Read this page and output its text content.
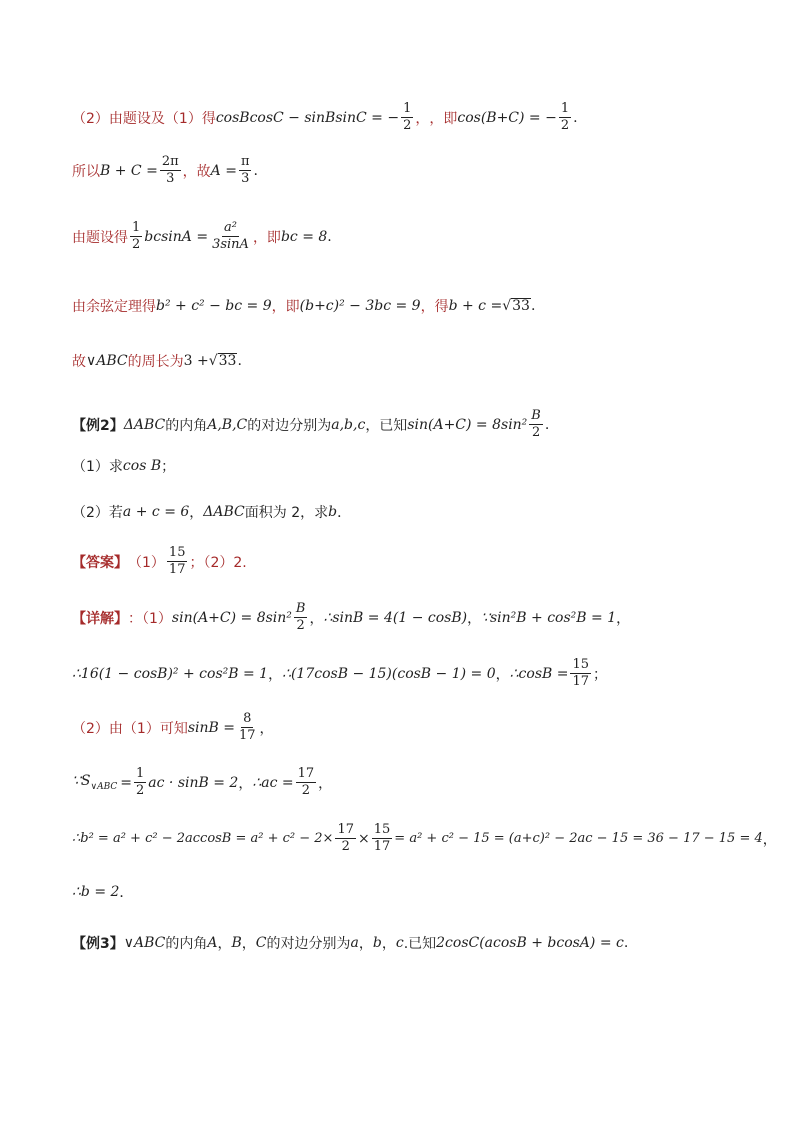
（2）由题设及（1）得 cosBcosC − sinBsinC = − $\frac{1}{2}$ ， ，即 cos(B+C) = − $\frac{1}{2}$ .
所以 $B + C = \frac{2\pi}{3}$ ，故 $A = \frac{\pi}{3}$ .
由题设得 $\frac{1}{2}$ $bcsinA = \frac{\text{a²}}{3\sin A}$ ，即 bc = 8 .
由余弦定理得 b² + c² − bc = 9 ，即 (b+c)² − 3bc = 9 ，得 b + c = √ 33 .
故 ∨ABC 的周长为 3 + √ 33 .
【例2】 ΔABC 的内角 A,B,C 的对边分别为 a,b,c ，已知 $\sin(A+C) = 8\sin^2 \frac{B}{2}$ .
（1）求 cos B ；
（2）若 a + c = 6 ， ΔABC 面积为 2，求 b ．
【答案】 $(1) \frac{15}{17}$ ；（2）2.
【详解】 ：（1） $\sin(A+C) = 8\sin^2 \frac{B}{2}$ ， ∴sinB = 4(1 − cosB) ， ∵sin²B + cos²B = 1 ，
∴16(1 − cosB)² + cos²B = 1 ， ∴(17cosB − 15)(cosB − 1) = 0 ， ∴cosB = $\frac{15}{17}$ ；
（2）由（1）可知 $\sin B = \frac{8}{17}$ ，
$\because S_{\vee ABC} = \frac{1}{2}$ ac · sinB = 2 ， ∴ac = $\frac{17}{2}$ ，
∴b² = $a^2 + c^2 - 2accosB = a^2 + c^2 - 2\times \frac{17}{2} \times \frac{15}{17} = a^2 + c^2 - 15 = (a+c)^2 - 2ac - 15 = 36 - 17 - 15 = 4$ ，
∴b = 2 ．
【例3】 ∨ABC 的内角 A ， B ， C 的对边分别为 a ， b ， c .已知 2cosC(acosB + bcosA) = c .
